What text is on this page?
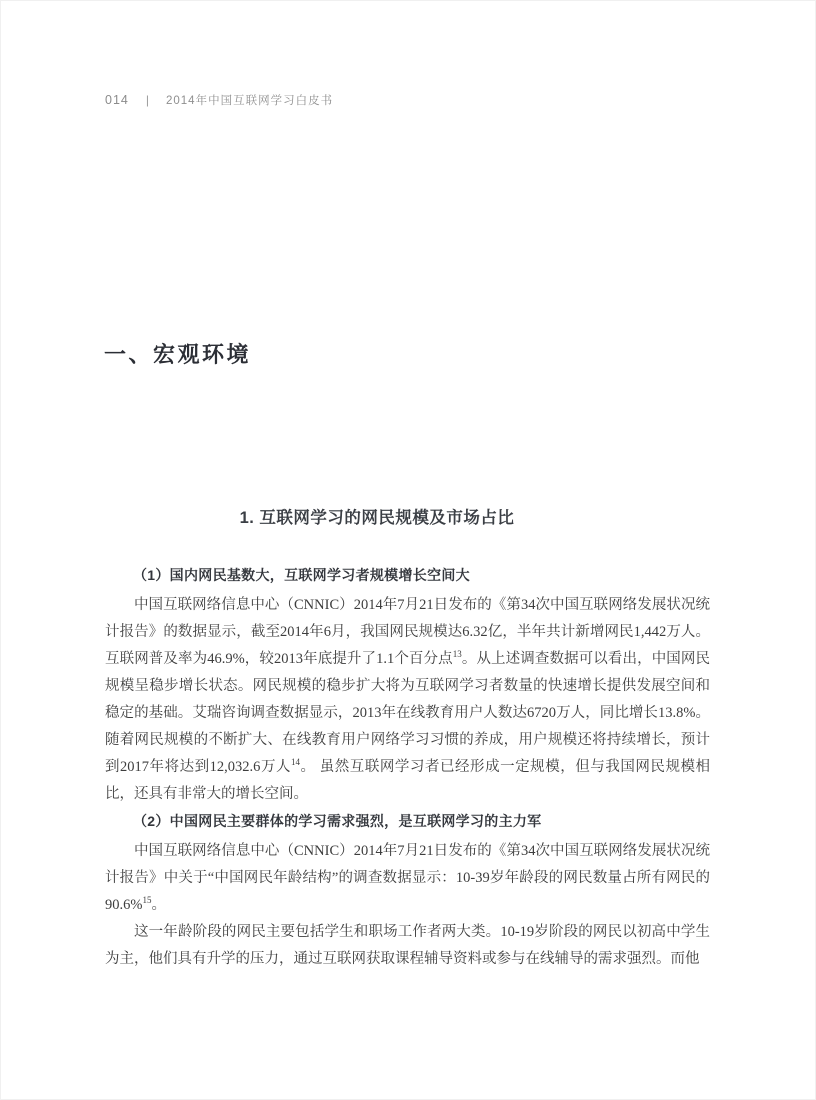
014 | 2014年中国互联网学习白皮书
一、宏观环境
1. 互联网学习的网民规模及市场占比
（1）国内网民基数大，互联网学习者规模增长空间大

中国互联网络信息中心（CNNIC）2014年7月21日发布的《第34次中国互联网络发展状况统计报告》的数据显示，截至2014年6月，我国网民规模达6.32亿，半年共计新增网民1,442万人。互联网普及率为46.9%，较2013年底提升了1.1个百分点$^{13}$。从上述调查数据可以看出，中国网民规模呈稳步增长状态。网民规模的稳步扩大将为互联网学习者数量的快速增长提供发展空间和稳定的基础。艾瑞咨询调查数据显示，2013年在线教育用户人数达6720万人，同比增长13.8%。随着网民规模的不断扩大、在线教育用户网络学习习惯的养成，用户规模还将持续增长，预计到2017年将达到12,032.6万人$^{14}$。 虽然互联网学习者已经形成一定规模，但与我国网民规模相比，还具有非常大的增长空间。

（2）中国网民主要群体的学习需求强烈，是互联网学习的主力军

中国互联网络信息中心（CNNIC）2014年7月21日发布的《第34次中国互联网络发展状况统计报告》中关于“中国网民年龄结构”的调查数据显示：10-39岁年龄段的网民数量占所有网民的90.6%$^{15}$。

这一年龄阶段的网民主要包括学生和职场工作者两大类。10-19岁阶段的网民以初高中学生为主，他们具有升学的压力，通过互联网获取课程辅导资料或参与在线辅导的需求强烈。而他
